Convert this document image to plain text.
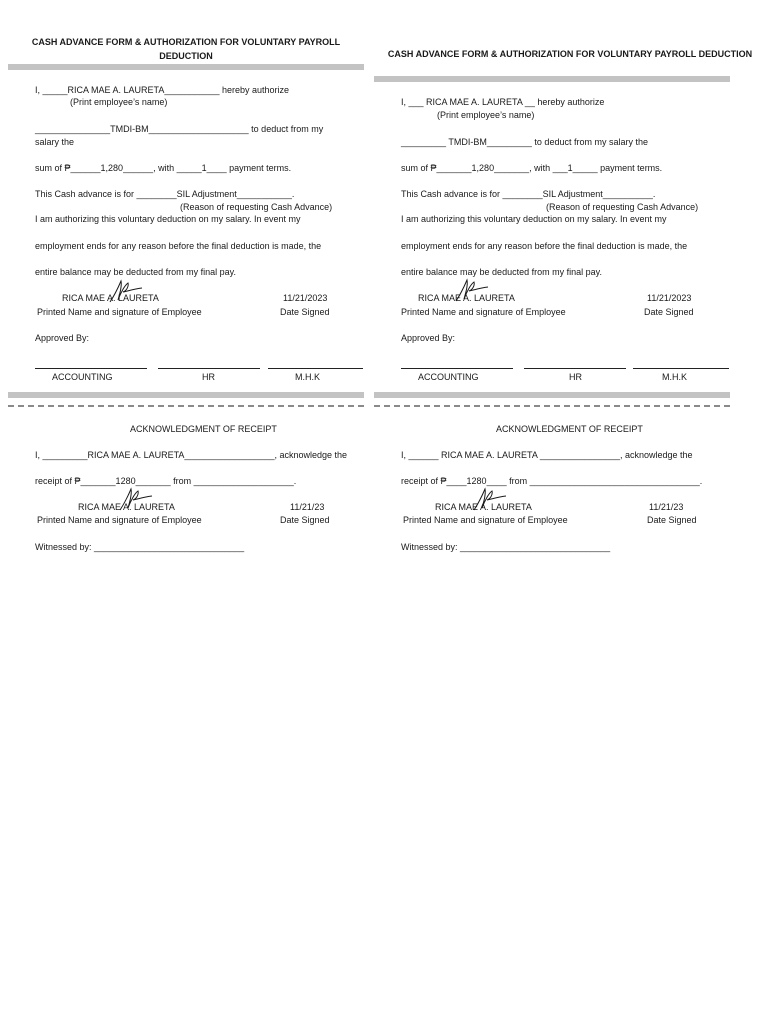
CASH ADVANCE FORM & AUTHORIZATION FOR VOLUNTARY PAYROLL DEDUCTION
I, _____RICA MAE A. LAURETA___________ hereby authorize
(Print employee’s name)
_______________TMDI-BM____________________ to deduct from my
salary the
sum of ₱______1,280______, with _____1____ payment terms.
This Cash advance is for ________SIL Adjustment___________.
(Reason of requesting Cash Advance)
I am authorizing this voluntary deduction on my salary. In event my
employment ends for any reason before the final deduction is made, the
entire balance may be deducted from my final pay.
RICA MAE A. LAURETA	11/21/2023
Printed Name and signature of Employee	Date Signed
Approved By:
ACCOUNTING	HR	M.H.K
ACKNOWLEDGMENT OF RECEIPT
I, _________RICA MAE A. LAURETA__________________, acknowledge the
receipt of ₱_______1280_______ from ____________________.
RICA MAE A. LAURETA	11/21/23
Printed Name and signature of Employee	Date Signed
Witnessed by: ______________________________
CASH ADVANCE FORM & AUTHORIZATION FOR VOLUNTARY PAYROLL DEDUCTION
I, ___ RICA MAE A. LAURETA __ hereby authorize
(Print employee’s name)
_________ TMDI-BM_________ to deduct from my salary the
sum of ₱_______1,280_______, with ___1_____ payment terms.
This Cash advance is for ________SIL Adjustment__________.
(Reason of requesting Cash Advance)
I am authorizing this voluntary deduction on my salary. In event my
employment ends for any reason before the final deduction is made, the
entire balance may be deducted from my final pay.
RICA MAE A. LAURETA	11/21/2023
Printed Name and signature of Employee	Date Signed
Approved By:
ACCOUNTING	HR	M.H.K
ACKNOWLEDGMENT OF RECEIPT
I, ______ RICA MAE A. LAURETA ________________, acknowledge the
receipt of ₱____1280____ from __________________________________.
RICA MAE A. LAURETA	11/21/23
Printed Name and signature of Employee	Date Signed
Witnessed by: ______________________________
